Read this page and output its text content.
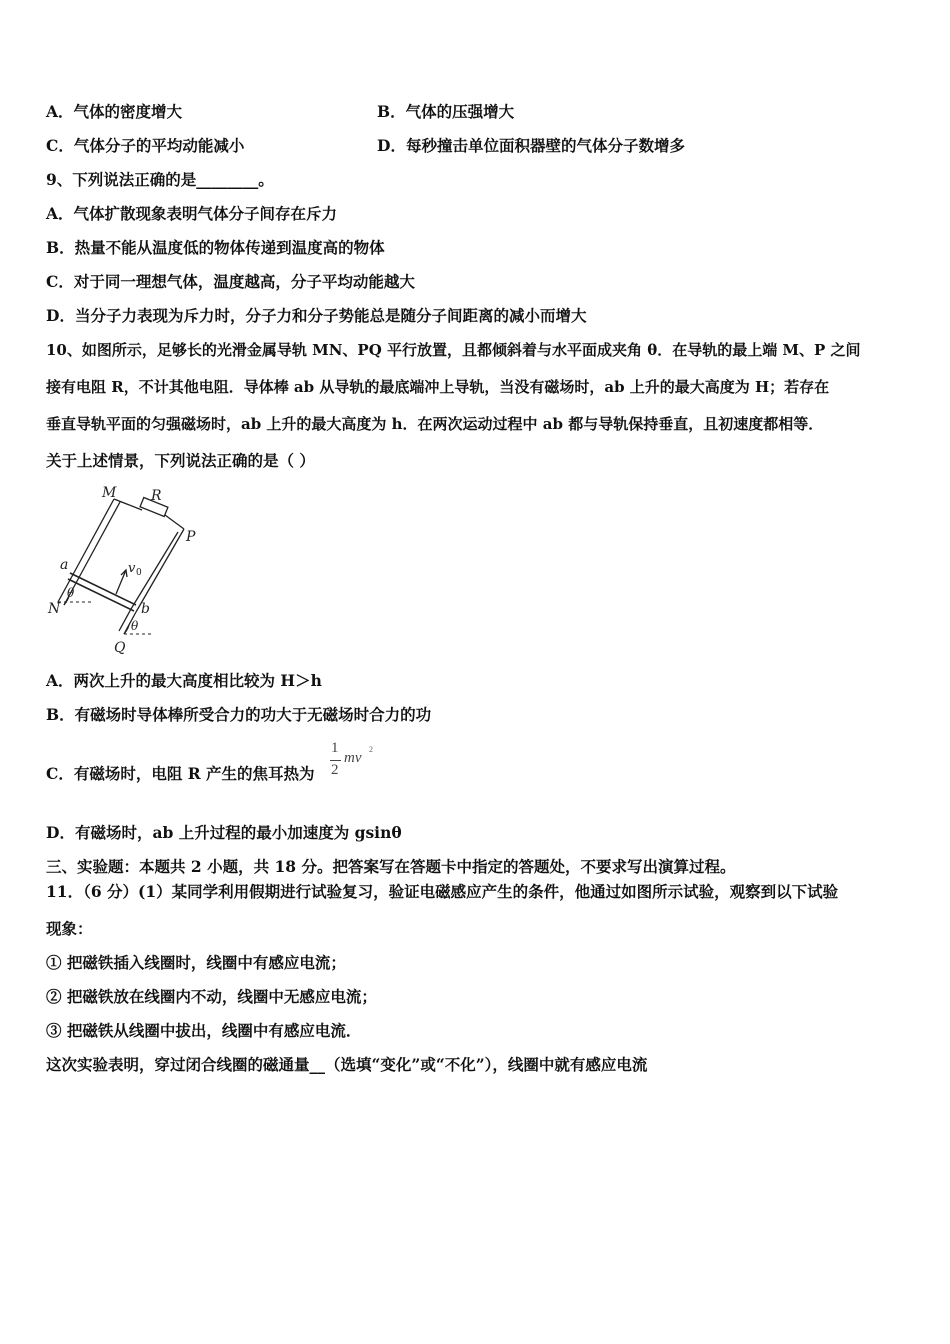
A．气体的密度增大	B．气体的压强增大
C．气体分子的平均动能减小	D．每秒撞击单位面积器壁的气体分子数增多
9、下列说法正确的是________。
A．气体扩散现象表明气体分子间存在斥力
B．热量不能从温度低的物体传递到温度高的物体
C．对于同一理想气体，温度越高，分子平均动能越大
D．当分子力表现为斥力时，分子力和分子势能总是随分子间距离的减小而增大
10、如图所示，足够长的光滑金属导轨 MN、PQ 平行放置，且都倾斜着与水平面成夹角 θ．在导轨的最上端 M、P 之间
接有电阻 R，不计其他电阻．导体棒 ab 从导轨的最底端冲上导轨，当没有磁场时，ab 上升的最大高度为 H；若存在
垂直导轨平面的匀强磁场时，ab 上升的最大高度为 h．在两次运动过程中 ab 都与导轨保持垂直，且初速度都相等．
关于上述情景，下列说法正确的是（ ）
M R
P
a	v 0
N
θ
b
θ
Q
A．两次上升的最大高度相比较为 H＞h
B．有磁场时导体棒所受合力的功大于无磁场时合力的功
C．有磁场时，电阻 R 产生的焦耳热为
1
2
mv
2
D．有磁场时，ab 上升过程的最小加速度为 gsinθ
三、实验题：本题共 2 小题，共 18 分。把答案写在答题卡中指定的答题处，不要求写出演算过程。
11．（6 分）(1）某同学利用假期进行试验复习，验证电磁感应产生的条件，他通过如图所示试验，观察到以下试验
现象：
① 把磁铁插入线圈时，线圈中有感应电流；
② 把磁铁放在线圈内不动，线圈中无感应电流；
③ 把磁铁从线圈中拔出，线圈中有感应电流．
这次实验表明，穿过闭合线圈的磁通量__（选填“变化”或“不化”），线圈中就有感应电流
